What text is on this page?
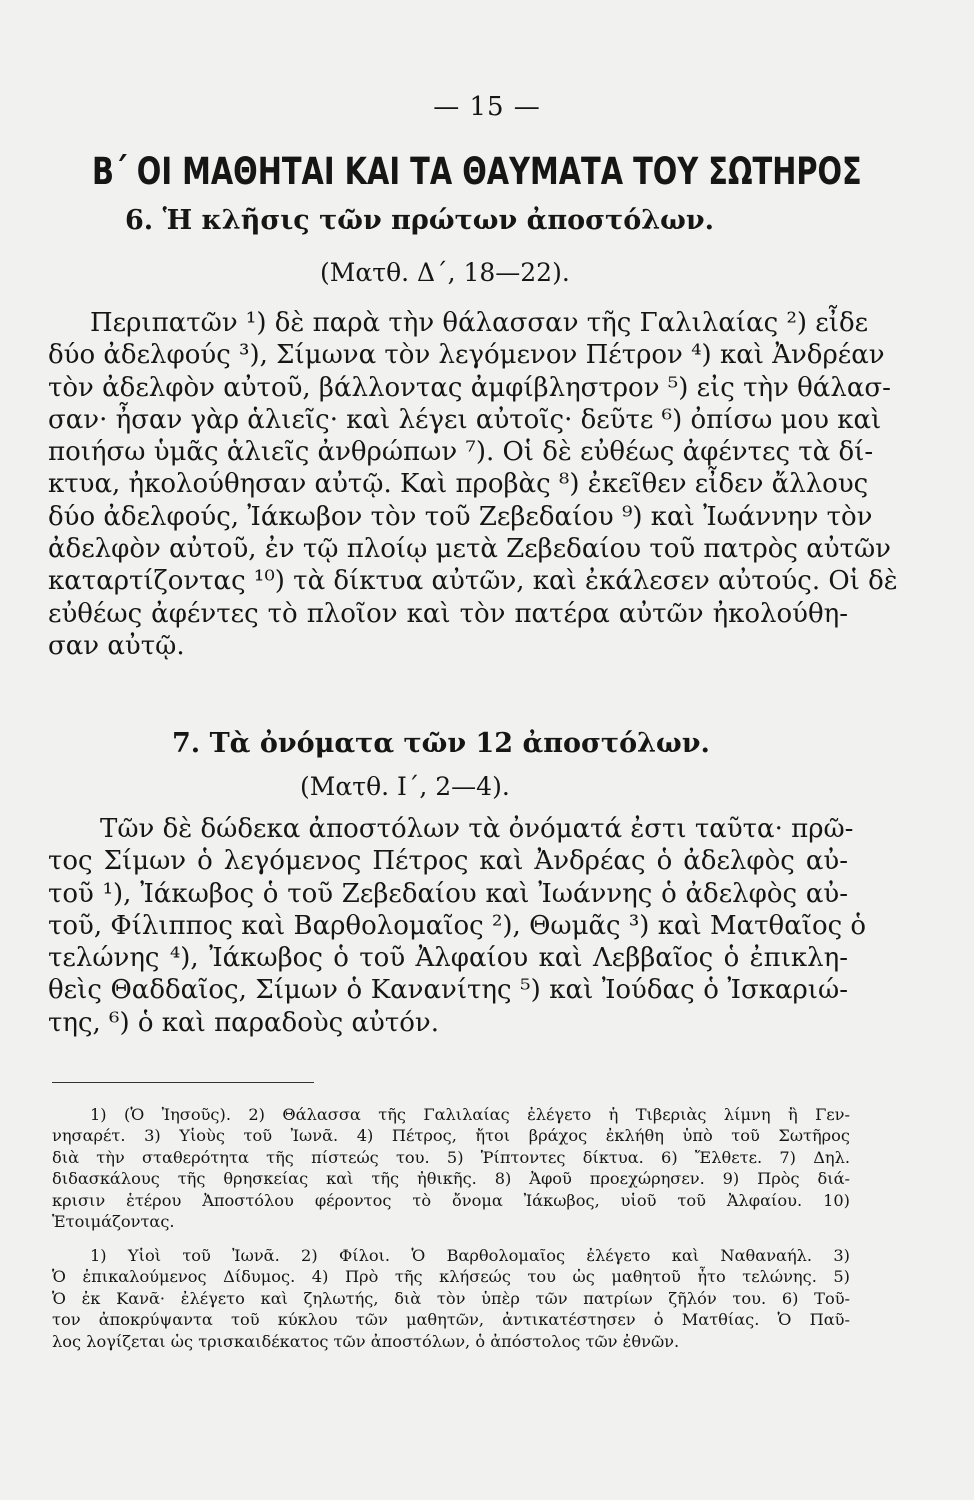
— 15 —
Β΄ ΟΙ ΜΑΘΗΤΑΙ ΚΑΙ ΤΑ ΘΑΥΜΑΤΑ ΤΟΥ ΣΩΤΗΡΟΣ
6. Ἡ κλῆσις τῶν πρώτων ἀποστόλων.
(Ματθ. Δ΄, 18—22).
Περιπατῶν ¹) δὲ παρὰ τὴν θάλασσαν τῆς Γαλιλαίας ²) εἶδε
δύο ἀδελφούς ³), Σίμωνα τὸν λεγόμενον Πέτρον ⁴) καὶ Ἀνδρέαν
τὸν ἀδελφὸν αὐτοῦ, βάλλοντας ἀμφίβληστρον ⁵) εἰς τὴν θάλασ-
σαν· ἦσαν γὰρ ἁλιεῖς· καὶ λέγει αὐτοῖς· δεῦτε ⁶) ὀπίσω μου καὶ
ποιήσω ὑμᾶς ἁλιεῖς ἀνθρώπων ⁷). Οἱ δὲ εὐθέως ἀφέντες τὰ δί-
κτυα, ἠκολούθησαν αὐτῷ. Καὶ προβὰς ⁸) ἐκεῖθεν εἶδεν ἄλλους
δύο ἀδελφούς, Ἰάκωβον τὸν τοῦ Ζεβεδαίου ⁹) καὶ Ἰωάννην τὸν
ἀδελφὸν αὐτοῦ, ἐν τῷ πλοίῳ μετὰ Ζεβεδαίου τοῦ πατρὸς αὐτῶν
καταρτίζοντας ¹⁰) τὰ δίκτυα αὐτῶν, καὶ ἐκάλεσεν αὐτούς. Οἱ δὲ
εὐθέως ἀφέντες τὸ πλοῖον καὶ τὸν πατέρα αὐτῶν ἠκολούθη-
σαν αὐτῷ.
7. Τὰ ὀνόματα τῶν 12 ἀποστόλων.
(Ματθ. Ι΄, 2—4).
Τῶν δὲ δώδεκα ἀποστόλων τὰ ὀνόματά ἐστι ταῦτα· πρῶ-
τος Σίμων ὁ λεγόμενος Πέτρος καὶ Ἀνδρέας ὁ ἀδελφὸς αὐ-
τοῦ ¹), Ἰάκωβος ὁ τοῦ Ζεβεδαίου καὶ Ἰωάννης ὁ ἀδελφὸς αὐ-
τοῦ, Φίλιππος καὶ Βαρθολομαῖος ²), Θωμᾶς ³) καὶ Ματθαῖος ὁ
τελώνης ⁴), Ἰάκωβος ὁ τοῦ Ἀλφαίου καὶ Λεββαῖος ὁ ἐπικλη-
θεὶς Θαδδαῖος, Σίμων ὁ Κανανίτης ⁵) καὶ Ἰούδας ὁ Ἰσκαριώ-
της, ⁶) ὁ καὶ παραδοὺς αὐτόν.
1) (Ὁ Ἰησοῦς). 2) Θάλασσα τῆς Γαλιλαίας ἐλέγετο ἡ Τιβεριὰς λίμνη ἢ Γεν-
νησαρέτ. 3) Υἱοὺς τοῦ Ἰωνᾶ. 4) Πέτρος, ἤτοι βράχος ἐκλήθη ὑπὸ τοῦ Σωτῆρος
διὰ τὴν σταθερότητα τῆς πίστεώς του. 5) Ῥίπτοντες δίκτυα. 6) Ἔλθετε. 7) Δηλ.
διδασκάλους τῆς θρησκείας καὶ τῆς ἠθικῆς. 8) Ἀφοῦ προεχώρησεν. 9) Πρὸς διά-
κρισιν ἑτέρου Ἀποστόλου φέροντος τὸ ὄνομα Ἰάκωβος, υἱοῦ τοῦ Ἀλφαίου. 10)
Ἑτοιμάζοντας.
1) Υἱοὶ τοῦ Ἰωνᾶ. 2) Φίλοι. Ὁ Βαρθολομαῖος ἐλέγετο καὶ Ναθαναήλ. 3)
Ὁ ἐπικαλούμενος Δίδυμος. 4) Πρὸ τῆς κλήσεώς του ὡς μαθητοῦ ἦτο τελώνης. 5)
Ὁ ἐκ Κανᾶ· ἐλέγετο καὶ ζηλωτής, διὰ τὸν ὑπὲρ τῶν πατρίων ζῆλόν του. 6) Τοῦ-
τον ἀποκρύψαντα τοῦ κύκλου τῶν μαθητῶν, ἀντικατέστησεν ὁ Ματθίας. Ὁ Παῦ-
λος λογίζεται ὡς τρισκαιδέκατος τῶν ἀποστόλων, ὁ ἀπόστολος τῶν ἐθνῶν.
